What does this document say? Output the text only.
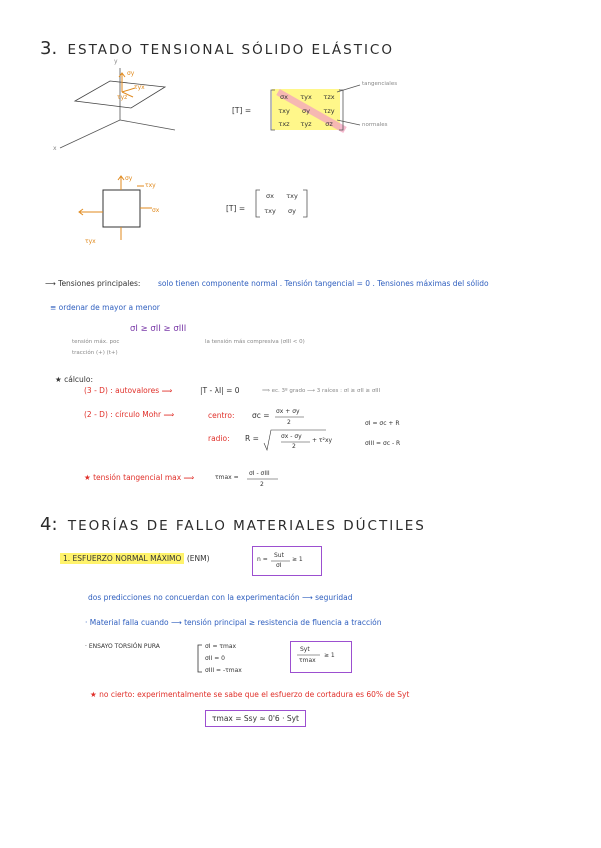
3. ESTADO TENSIONAL SÓLIDO ELÁSTICO
y
x
σy
τyx
τyz
[T] =
σx	τyx	τzx
τxy	σy	τzy
τxz	τyz	σz
tangenciales
normales
σy
τxy
σx
τyx
[T] =
σx	τxy
τxy	σy
⟶ Tensiones principales: solo tienen componente normal . Tensión tangencial = 0 . Tensiones máximas del sólido
≡ ordenar de mayor a menor
σI ≥ σII ≥ σIII
tensión máx. poc
tracción (+) (t+)
la tensión más compresiva (σIII < 0)
★ cálculo:
(3 - D) : autovalores ⟹	|T - λI| = 0	⟹ ec. 3º grado ⟶ 3 raíces : σI ≥ σII ≥ σIII
(2 - D) : círculo Mohr ⟹	centro: σc = σx + σy
2
radio: R =	σx - σy
2
+ τ²xy
σI = σc + R
σIII = σc - R
★ tensión tangencial max ⟹	τmax =
σI - σIII
2
4: TEORÍAS DE FALLO MATERIALES DÚCTILES
1. ESFUERZO NORMAL MÁXIMO (ENM)	n =
Sut
σI
≥ 1
dos predicciones no concuerdan con la experimentación ⟶ seguridad
· Material falla cuando ⟶ tensión principal ≥ resistencia de fluencia a tracción
· ENSAYO TORSIÓN PURA	σI = τmax
σII = 0
σIII = -τmax
Syt
τmax
≥ 1
★ no cierto: experimentalmente se sabe que el esfuerzo de cortadura es 60% de Syt
τmax = Ssy ≈ 0'6 · Syt
